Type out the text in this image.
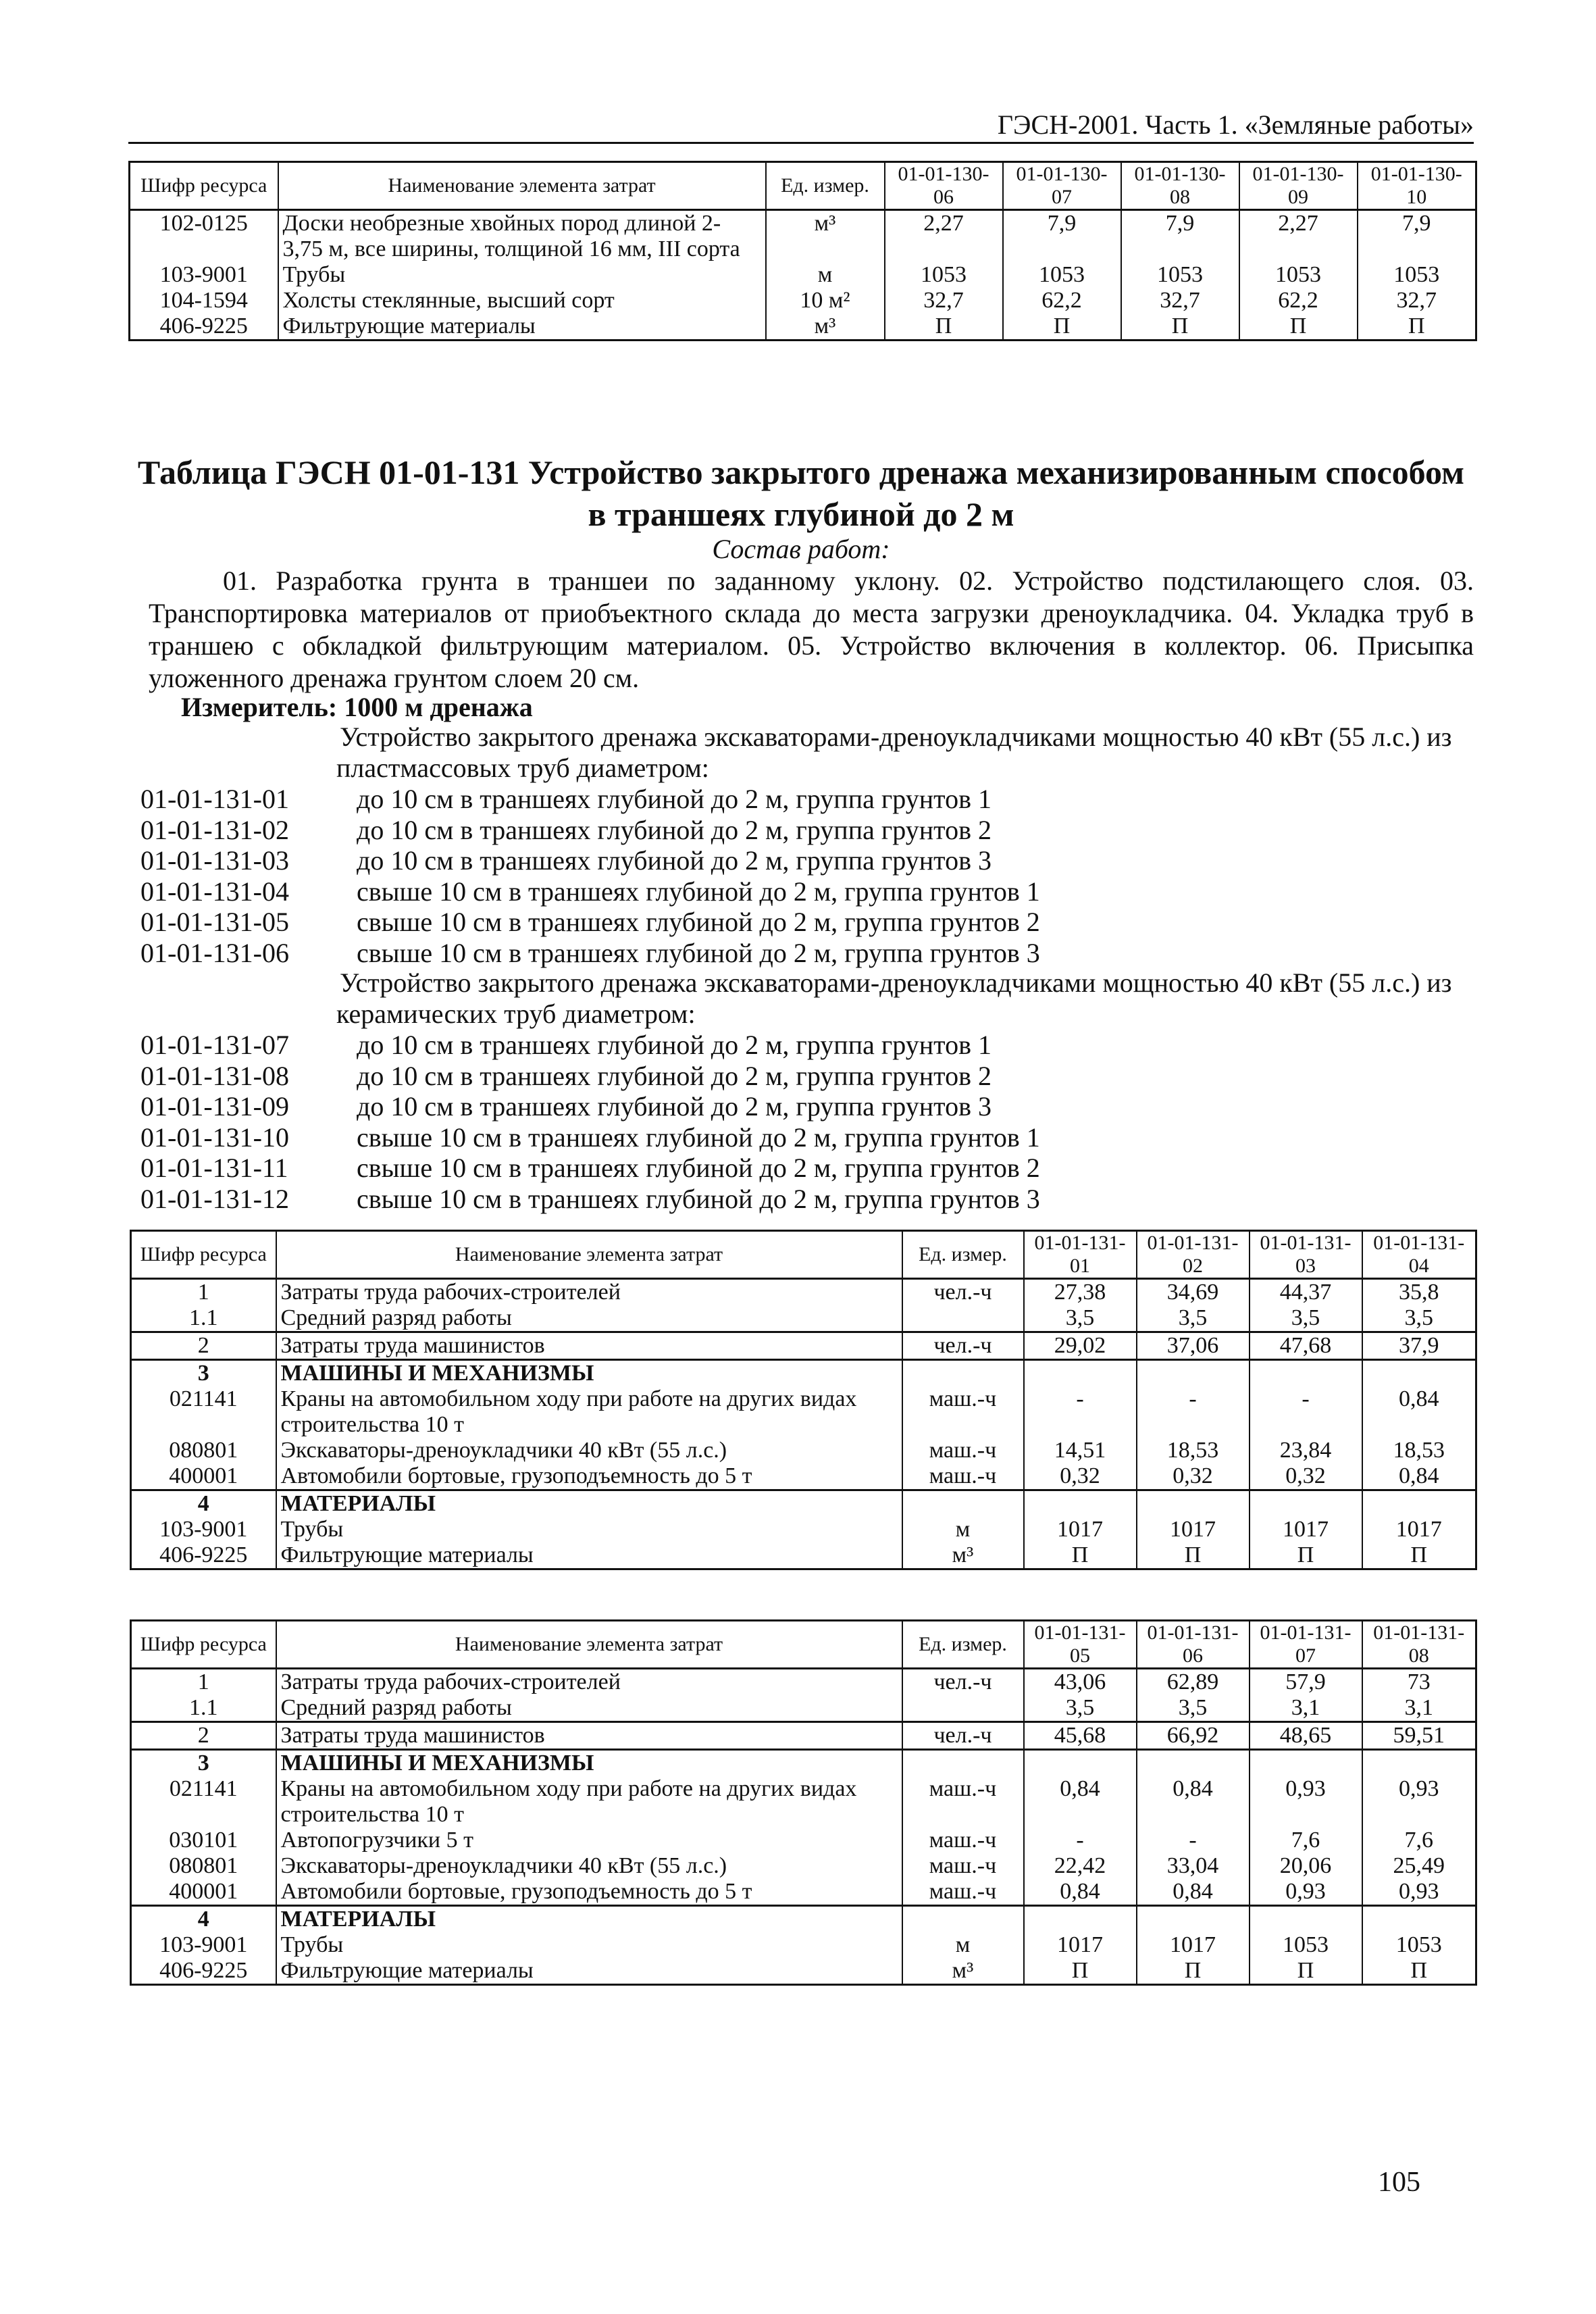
ГЭСН-2001. Часть 1. «Земляные работы»
Шифр ресурса	Наименование элемента затрат	Ед. измер.	01-01-130-06	01-01-130-07	01-01-130-08	01-01-130-09	01-01-130-10
102-0125	Доски необрезные хвойных пород длиной 2-3,75 м, все ширины, толщиной 16 мм, III сорта	м³	2,27	7,9	7,9	2,27	7,9
103-9001	Трубы	м	1053	1053	1053	1053	1053
104-1594	Холсты стеклянные, высший сорт	10 м²	32,7	62,2	32,7	62,2	32,7
406-9225	Фильтрующие материалы	м³	П	П	П	П	П
Таблица ГЭСН 01-01-131 Устройство закрытого дренажа механизированным способом в траншеях глубиной до 2 м
Состав работ:
01. Разработка грунта в траншеи по заданному уклону. 02. Устройство подстилающего слоя. 03. Транспортировка материалов от приобъектного склада до места загрузки дреноукладчика. 04. Укладка труб в траншею с обкладкой фильтрующим материалом. 05. Устройство включения в коллектор. 06. Присыпка уложенного дренажа грунтом слоем 20 см.
Измеритель: 1000 м дренажа
Устройство закрытого дренажа экскаваторами-дреноукладчиками мощностью 40 кВт (55 л.с.) из пластмассовых труб диаметром:
01-01-131-01	до 10 см в траншеях глубиной до 2 м, группа грунтов 1
01-01-131-02	до 10 см в траншеях глубиной до 2 м, группа грунтов 2
01-01-131-03	до 10 см в траншеях глубиной до 2 м, группа грунтов 3
01-01-131-04	свыше 10 см в траншеях глубиной до 2 м, группа грунтов 1
01-01-131-05	свыше 10 см в траншеях глубиной до 2 м, группа грунтов 2
01-01-131-06	свыше 10 см в траншеях глубиной до 2 м, группа грунтов 3
Устройство закрытого дренажа экскаваторами-дреноукладчиками мощностью 40 кВт (55 л.с.) из керамических труб диаметром:
01-01-131-07	до 10 см в траншеях глубиной до 2 м, группа грунтов 1
01-01-131-08	до 10 см в траншеях глубиной до 2 м, группа грунтов 2
01-01-131-09	до 10 см в траншеях глубиной до 2 м, группа грунтов 3
01-01-131-10	свыше 10 см в траншеях глубиной до 2 м, группа грунтов 1
01-01-131-11	свыше 10 см в траншеях глубиной до 2 м, группа грунтов 2
01-01-131-12	свыше 10 см в траншеях глубиной до 2 м, группа грунтов 3
Шифр ресурса	Наименование элемента затрат	Ед. измер.	01-01-131-01	01-01-131-02	01-01-131-03	01-01-131-04
1	Затраты труда рабочих-строителей	чел.-ч	27,38	34,69	44,37	35,8
1.1	Средний разряд работы		3,5	3,5	3,5	3,5
2	Затраты труда машинистов	чел.-ч	29,02	37,06	47,68	37,9
3	МАШИНЫ И МЕХАНИЗМЫ					
021141	Краны на автомобильном ходу при работе на других видах строительства 10 т	маш.-ч	-	-	-	0,84
080801	Экскаваторы-дреноукладчики 40 кВт (55 л.с.)	маш.-ч	14,51	18,53	23,84	18,53
400001	Автомобили бортовые, грузоподъемность до 5 т	маш.-ч	0,32	0,32	0,32	0,84
4	МАТЕРИАЛЫ					
103-9001	Трубы	м	1017	1017	1017	1017
406-9225	Фильтрующие материалы	м³	П	П	П	П
Шифр ресурса	Наименование элемента затрат	Ед. измер.	01-01-131-05	01-01-131-06	01-01-131-07	01-01-131-08
1	Затраты труда рабочих-строителей	чел.-ч	43,06	62,89	57,9	73
1.1	Средний разряд работы		3,5	3,5	3,1	3,1
2	Затраты труда машинистов	чел.-ч	45,68	66,92	48,65	59,51
3	МАШИНЫ И МЕХАНИЗМЫ					
021141	Краны на автомобильном ходу при работе на других видах строительства 10 т	маш.-ч	0,84	0,84	0,93	0,93
030101	Автопогрузчики 5 т	маш.-ч	-	-	7,6	7,6
080801	Экскаваторы-дреноукладчики 40 кВт (55 л.с.)	маш.-ч	22,42	33,04	20,06	25,49
400001	Автомобили бортовые, грузоподъемность до 5 т	маш.-ч	0,84	0,84	0,93	0,93
4	МАТЕРИАЛЫ					
103-9001	Трубы	м	1017	1017	1053	1053
406-9225	Фильтрующие материалы	м³	П	П	П	П
105
